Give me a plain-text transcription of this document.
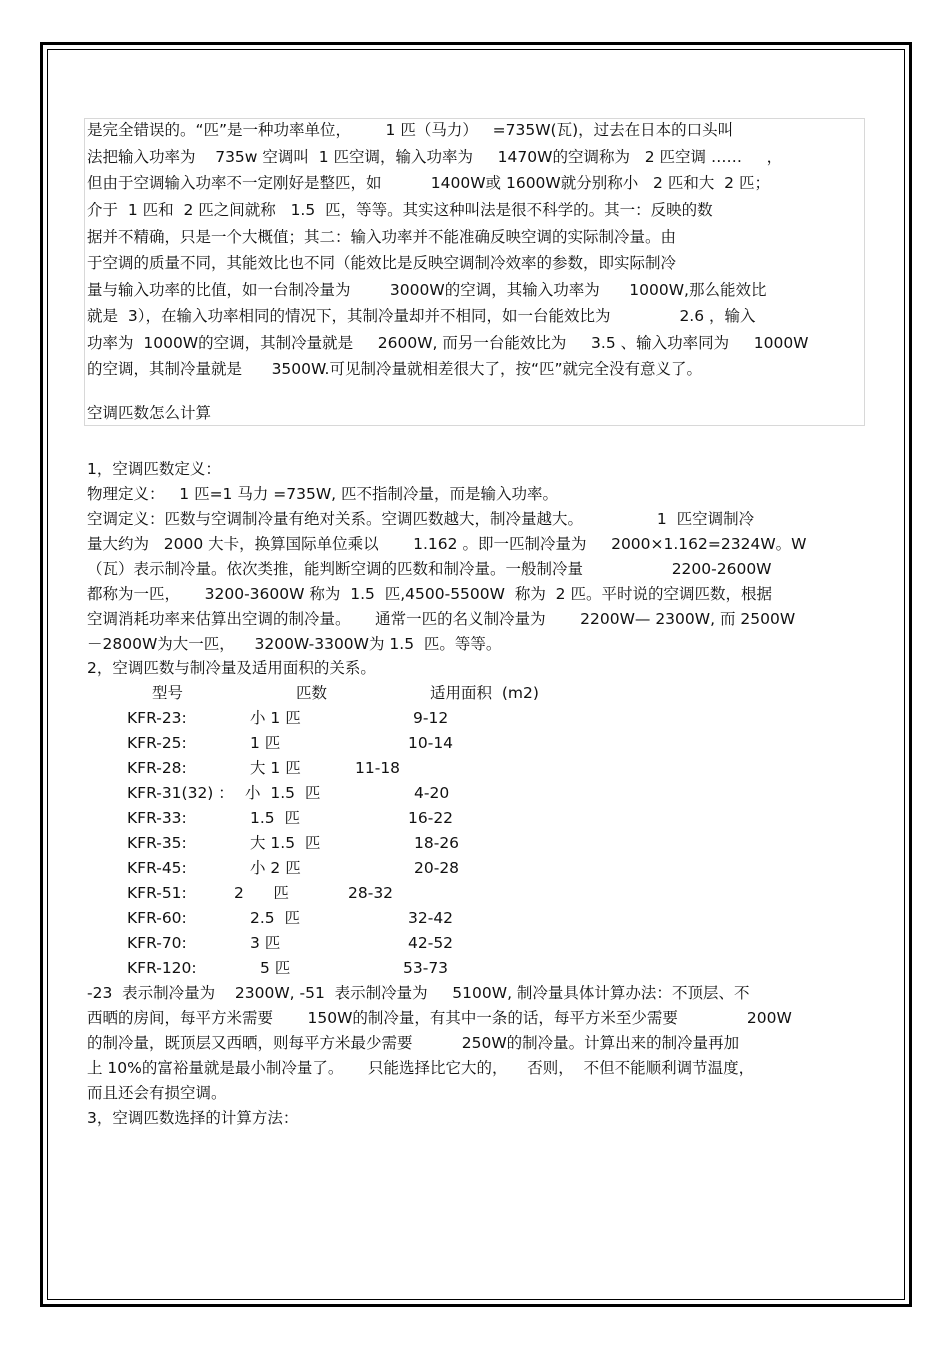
是完全错误的。“匹”是一种功率单位，       1 匹（马力）   =735W(瓦)，过去在日本的口头叫
法把输入功率为    735w 空调叫  1 匹空调，输入功率为     1470W的空调称为   2 匹空调 ……     ，
但由于空调输入功率不一定刚好是整匹，如          1400W或 1600W就分别称小   2 匹和大  2 匹；
介于  1 匹和  2 匹之间就称   1.5  匹，等等。其实这种叫法是很不科学的。其一：反映的数
据并不精确，只是一个大概值；其二：输入功率并不能准确反映空调的实际制冷量。由
于空调的质量不同，其能效比也不同（能效比是反映空调制冷效率的参数，即实际制冷
量与输入功率的比值，如一台制冷量为        3000W的空调，其输入功率为      1000W,那么能效比
就是  3），在输入功率相同的情况下，其制冷量却并不相同，如一台能效比为              2.6 ，输入
功率为  1000W的空调，其制冷量就是     2600W, 而另一台能效比为     3.5 、输入功率同为     1000W
的空调，其制冷量就是      3500W.可见制冷量就相差很大了，按“匹”就完全没有意义了。
空调匹数怎么计算
1，空调匹数定义：
物理定义：   1 匹=1 马力 =735W, 匹不指制冷量，而是输入功率。
空调定义：匹数与空调制冷量有绝对关系。空调匹数越大，制冷量越大。               1  匹空调制冷
量大约为   2000 大卡，换算国际单位乘以       1.162 。即一匹制冷量为     2000×1.162=2324W。W
（瓦）表示制冷量。依次类推，能判断空调的匹数和制冷量。一般制冷量                  2200-2600W
都称为一匹，     3200-3600W 称为  1.5  匹,4500-5500W  称为  2 匹。平时说的空调匹数，根据
空调消耗功率来估算出空调的制冷量。     通常一匹的名义制冷量为       2200W— 2300W, 而 2500W
－2800W为大一匹，    3200W-3300W为 1.5  匹。等等。
2，空调匹数与制冷量及适用面积的关系。
型号	匹数	适用面积  (m2)
KFR-23:	小 1 匹	9-12
KFR-25:	1 匹	10-14
KFR-28:	大 1 匹	11-18
KFR-31(32) ： 小  1.5  匹	4-20
KFR-33:	1.5  匹	16-22
KFR-35:	大 1.5  匹	18-26
KFR-45:	小 2 匹	20-28
KFR-51:	2      匹	28-32
KFR-60:	2.5  匹	32-42
KFR-70:	3 匹	42-52
KFR-120:	5 匹	53-73
-23  表示制冷量为    2300W, -51  表示制冷量为     5100W, 制冷量具体计算办法：不顶层、不
西晒的房间，每平方米需要       150W的制冷量，有其中一条的话，每平方米至少需要              200W
的制冷量，既顶层又西晒，则每平方米最少需要          250W的制冷量。计算出来的制冷量再加
上 10%的富裕量就是最小制冷量了。     只能选择比它大的，    否则，  不但不能顺利调节温度，
而且还会有损空调。
3，空调匹数选择的计算方法：
